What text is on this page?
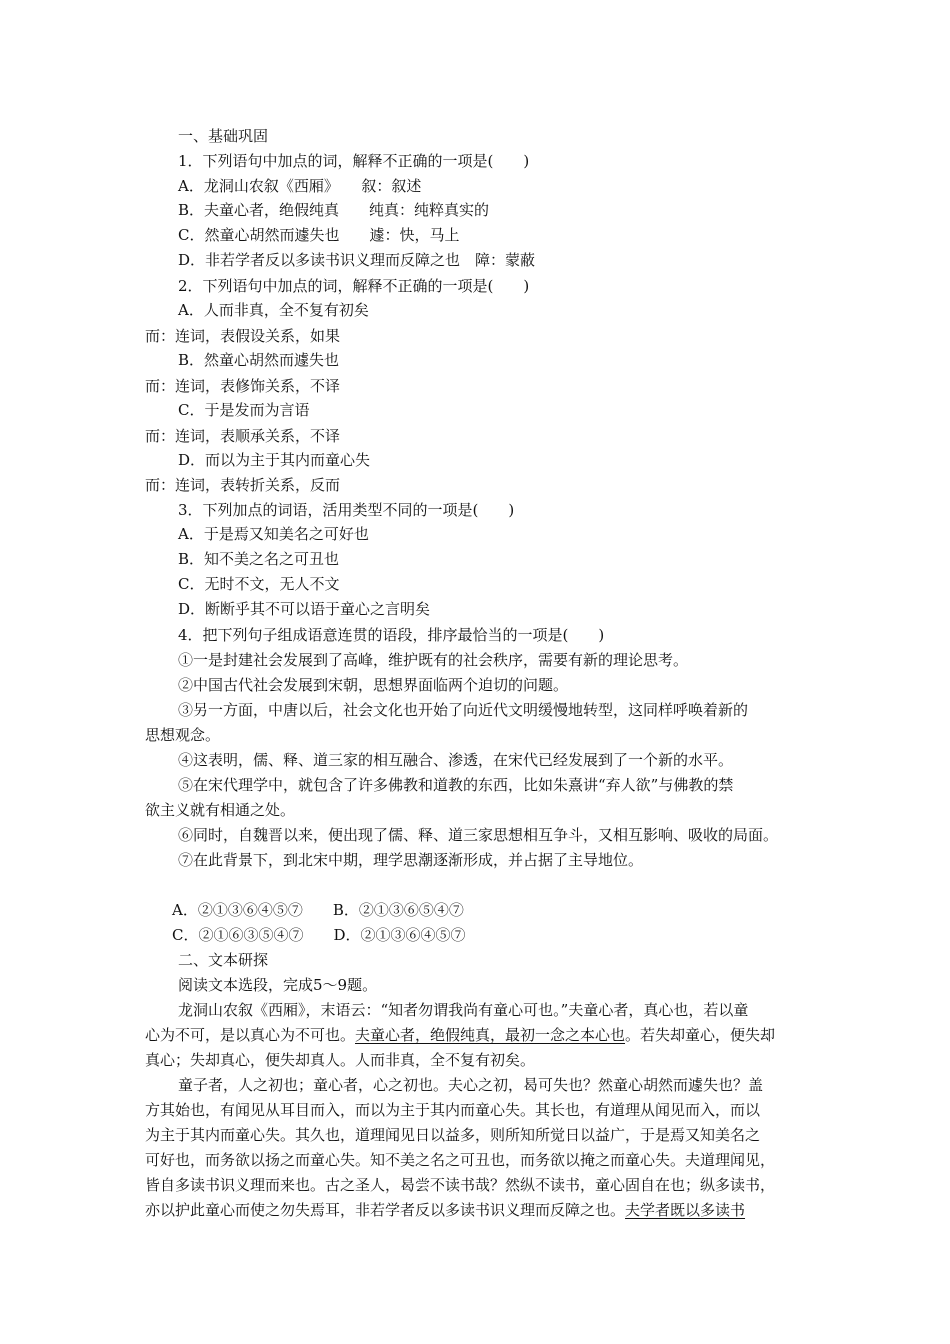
一、基础巩固
1．下列语句中加点的词，解释不正确的一项是(　　)
A．龙洞山农叙《西厢》　　叙：叙述
B．夫童心者，绝假纯真　　纯真：纯粹真实的
C．然童心胡然而遽失也　　遽：快，马上
D．非若学者反以多读书识义理而反障之也　障：蒙蔽
2．下列语句中加点的词，解释不正确的一项是(　　)
A．人而非真，全不复有初矣
而：连词，表假设关系，如果
B．然童心胡然而遽失也
而：连词，表修饰关系，不译
C．于是发而为言语
而：连词，表顺承关系，不译
D．而以为主于其内而童心失
而：连词，表转折关系，反而
3．下列加点的词语，活用类型不同的一项是(　　)
A．于是焉又知美名之可好也
B．知不美之名之可丑也
C．无时不文，无人不文
D．断断乎其不可以语于童心之言明矣
4．把下列句子组成语意连贯的语段，排序最恰当的一项是(　　)
①一是封建社会发展到了高峰，维护既有的社会秩序，需要有新的理论思考。
②中国古代社会发展到宋朝，思想界面临两个迫切的问题。
③另一方面，中唐以后，社会文化也开始了向近代文明缓慢地转型，这同样呼唤着新的
思想观念。
④这表明，儒、释、道三家的相互融合、渗透，在宋代已经发展到了一个新的水平。
⑤在宋代理学中，就包含了许多佛教和道教的东西，比如朱熹讲“弃人欲”与佛教的禁
欲主义就有相通之处。
⑥同时，自魏晋以来，便出现了儒、释、道三家思想相互争斗，又相互影响、吸收的局面。
⑦在此背景下，到北宋中期，理学思潮逐渐形成，并占据了主导地位。
A．②①③⑥④⑤⑦　　B．②①③⑥⑤④⑦
C．②①⑥③⑤④⑦　　D．②①③⑥④⑤⑦
二、文本研探
阅读文本选段，完成5～9题。
龙洞山农叙《西厢》，末语云：“知者勿谓我尚有童心可也。”夫童心者，真心也，若以童
心为不可，是以真心为不可也。夫童心者，绝假纯真，最初一念之本心也。若失却童心，便失却
真心；失却真心，便失却真人。人而非真，全不复有初矣。
童子者，人之初也；童心者，心之初也。夫心之初，曷可失也？然童心胡然而遽失也？盖
方其始也，有闻见从耳目而入，而以为主于其内而童心失。其长也，有道理从闻见而入，而以
为主于其内而童心失。其久也，道理闻见日以益多，则所知所觉日以益广，于是焉又知美名之
可好也，而务欲以扬之而童心失。知不美之名之可丑也，而务欲以掩之而童心失。夫道理闻见，
皆自多读书识义理而来也。古之圣人，曷尝不读书哉？然纵不读书，童心固自在也；纵多读书，
亦以护此童心而使之勿失焉耳，非若学者反以多读书识义理而反障之也。夫学者既以多读书
